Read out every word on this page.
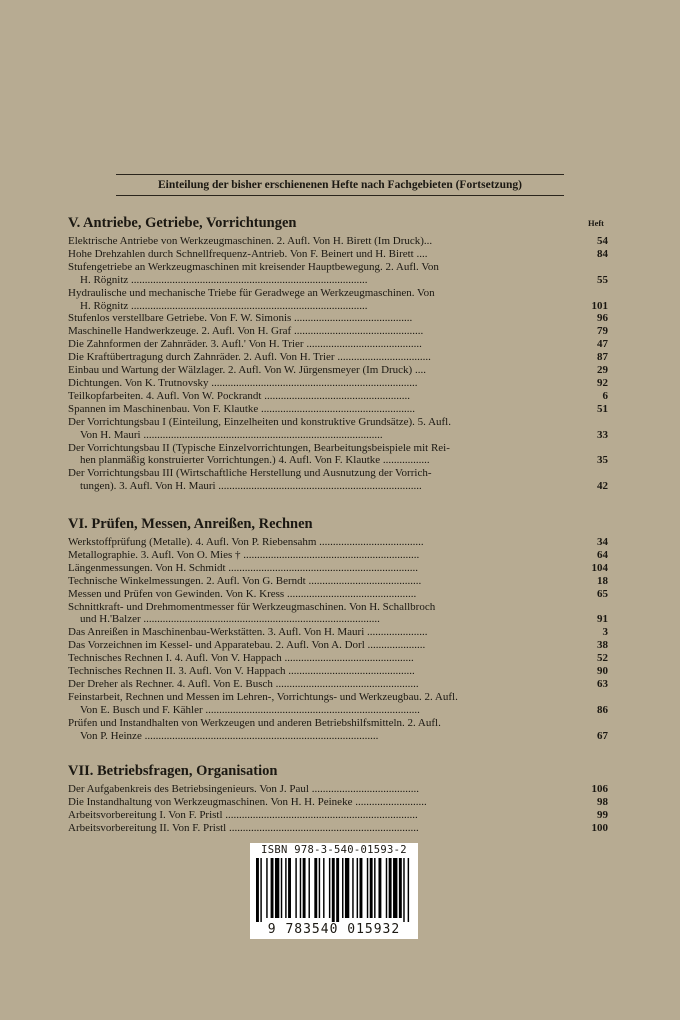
Einteilung der bisher erschienenen Hefte nach Fachgebieten (Fortsetzung)
Heft
V. Antriebe, Getriebe, Vorrichtungen
Elektrische Antriebe von Werkzeugmaschinen. 2. Aufl. Von H. Birett (Im Druck)...	54
Hohe Drehzahlen durch Schnellfrequenz-Antrieb. Von F. Beinert und H. Birett ....	84
Stufengetriebe an Werkzeugmaschinen mit kreisender Hauptbewegung. 2. Aufl. Von
H. Rögnitz ......................................................................................	55
Hydraulische und mechanische Triebe für Geradwege an Werkzeugmaschinen. Von
H. Rögnitz ......................................................................................	101
Stufenlos verstellbare Getriebe. Von F. W. Simonis ...........................................	96
Maschinelle Handwerkzeuge. 2. Aufl. Von H. Graf ...............................................	79
Die Zahnformen der Zahnräder. 3. Aufl.' Von H. Trier ..........................................	47
Die Kraftübertragung durch Zahnräder. 2. Aufl. Von H. Trier ..................................	87
Einbau und Wartung der Wälzlager. 2. Aufl. Von W. Jürgensmeyer (Im Druck) ....	29
Dichtungen. Von K. Trutnovsky ...........................................................................	92
Teilkopfarbeiten. 4. Aufl. Von W. Pockrandt .....................................................	6
Spannen im Maschinenbau. Von F. Klautke ........................................................	51
Der Vorrichtungsbau I (Einteilung, Einzelheiten und konstruktive Grundsätze). 5. Aufl.
Von H. Mauri .......................................................................................	33
Der Vorrichtungsbau II (Typische Einzelvorrichtungen, Bearbeitungsbeispiele mit Rei-
hen planmäßig konstruierter Vorrichtungen.) 4. Aufl. Von F. Klautke .................	35
Der Vorrichtungsbau III (Wirtschaftliche Herstellung und Ausnutzung der Vorrich-
tungen). 3. Aufl. Von H. Mauri ..........................................................................	42
VI. Prüfen, Messen, Anreißen, Rechnen
Werkstoffprüfung (Metalle). 4. Aufl. Von P. Riebensahm ......................................	34
Metallographie. 3. Aufl. Von O. Mies † ................................................................	64
Längenmessungen. Von H. Schmidt .....................................................................	104
Technische Winkelmessungen. 2. Aufl. Von G. Berndt .........................................	18
Messen und Prüfen von Gewinden. Von K. Kress ...............................................	65
Schnittkraft- und Drehmomentmesser für Werkzeugmaschinen. Von H. Schallbroch
und H.'Balzer ......................................................................................	91
Das Anreißen in Maschinenbau-Werkstätten. 3. Aufl. Von H. Mauri ......................	3
Das Vorzeichnen im Kessel- und Apparatebau. 2. Aufl. Von A. Dorl .....................	38
Technisches Rechnen I. 4. Aufl. Von V. Happach ...............................................	52
Technisches Rechnen II. 3. Aufl. Von V. Happach ..............................................	90
Der Dreher als Rechner. 4. Aufl. Von E. Busch ....................................................	63
Feinstarbeit, Rechnen und Messen im Lehren-, Vorrichtungs- und Werkzeugbau. 2. Aufl.
Von E. Busch und F. Kähler ..............................................................................	86
Prüfen und Instandhalten von Werkzeugen und anderen Betriebshilfsmitteln. 2. Aufl.
Von P. Heinze .....................................................................................	67
VII. Betriebsfragen, Organisation
Der Aufgabenkreis des Betriebsingenieurs. Von J. Paul .......................................	106
Die Instandhaltung von Werkzeugmaschinen. Von H. H. Peineke ..........................	98
Arbeitsvorbereitung I. Von F. Pristl ......................................................................	99
Arbeitsvorbereitung II. Von F. Pristl .....................................................................	100
ISBN 978-3-540-01593-2
9 783540 015932
